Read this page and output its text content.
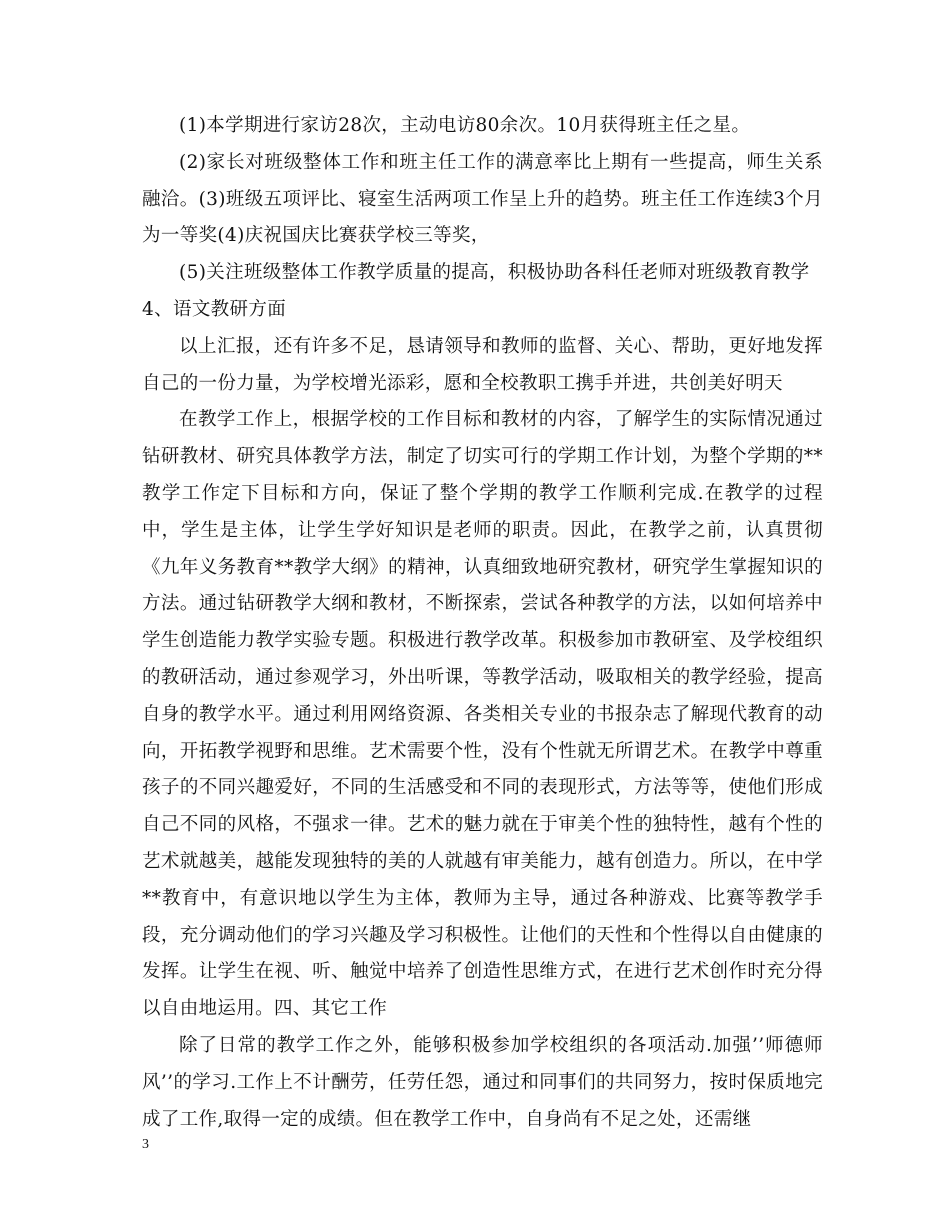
(1)本学期进行家访28次，主动电访80余次。10月获得班主任之星。

(2)家长对班级整体工作和班主任工作的满意率比上期有一些提高，师生关系融洽。(3)班级五项评比、寝室生活两项工作呈上升的趋势。班主任工作连续3个月为一等奖(4)庆祝国庆比赛获学校三等奖，

(5)关注班级整体工作教学质量的提高，积极协助各科任老师对班级教育教学

4、语文教研方面

以上汇报，还有许多不足，恳请领导和教师的监督、关心、帮助，更好地发挥自己的一份力量，为学校增光添彩，愿和全校教职工携手并进，共创美好明天

在教学工作上，根据学校的工作目标和教材的内容，了解学生的实际情况通过钻研教材、研究具体教学方法，制定了切实可行的学期工作计划，为整个学期的**教学工作定下目标和方向，保证了整个学期的教学工作顺利完成.在教学的过程中，学生是主体，让学生学好知识是老师的职责。因此，在教学之前，认真贯彻《九年义务教育**教学大纲》的精神，认真细致地研究教材，研究学生掌握知识的方法。通过钻研教学大纲和教材，不断探索，尝试各种教学的方法，以如何培养中学生创造能力教学实验专题。积极进行教学改革。积极参加市教研室、及学校组织的教研活动，通过参观学习，外出听课，等教学活动，吸取相关的教学经验，提高自身的教学水平。通过利用网络资源、各类相关专业的书报杂志了解现代教育的动向，开拓教学视野和思维。艺术需要个性，没有个性就无所谓艺术。在教学中尊重孩子的不同兴趣爱好，不同的生活感受和不同的表现形式，方法等等，使他们形成自己不同的风格，不强求一律。艺术的魅力就在于审美个性的独特性，越有个性的艺术就越美，越能发现独特的美的人就越有审美能力，越有创造力。所以，在中学**教育中，有意识地以学生为主体，教师为主导，通过各种游戏、比赛等教学手段，充分调动他们的学习兴趣及学习积极性。让他们的天性和个性得以自由健康的发挥。让学生在视、听、触觉中培养了创造性思维方式，在进行艺术创作时充分得以自由地运用。四、其它工作

除了日常的教学工作之外，能够积极参加学校组织的各项活动.加强’’师德师风’’的学习.工作上不计酬劳，任劳任怨，通过和同事们的共同努力，按时保质地完成了工作,取得一定的成绩。但在教学工作中，自身尚有不足之处，还需继

3
